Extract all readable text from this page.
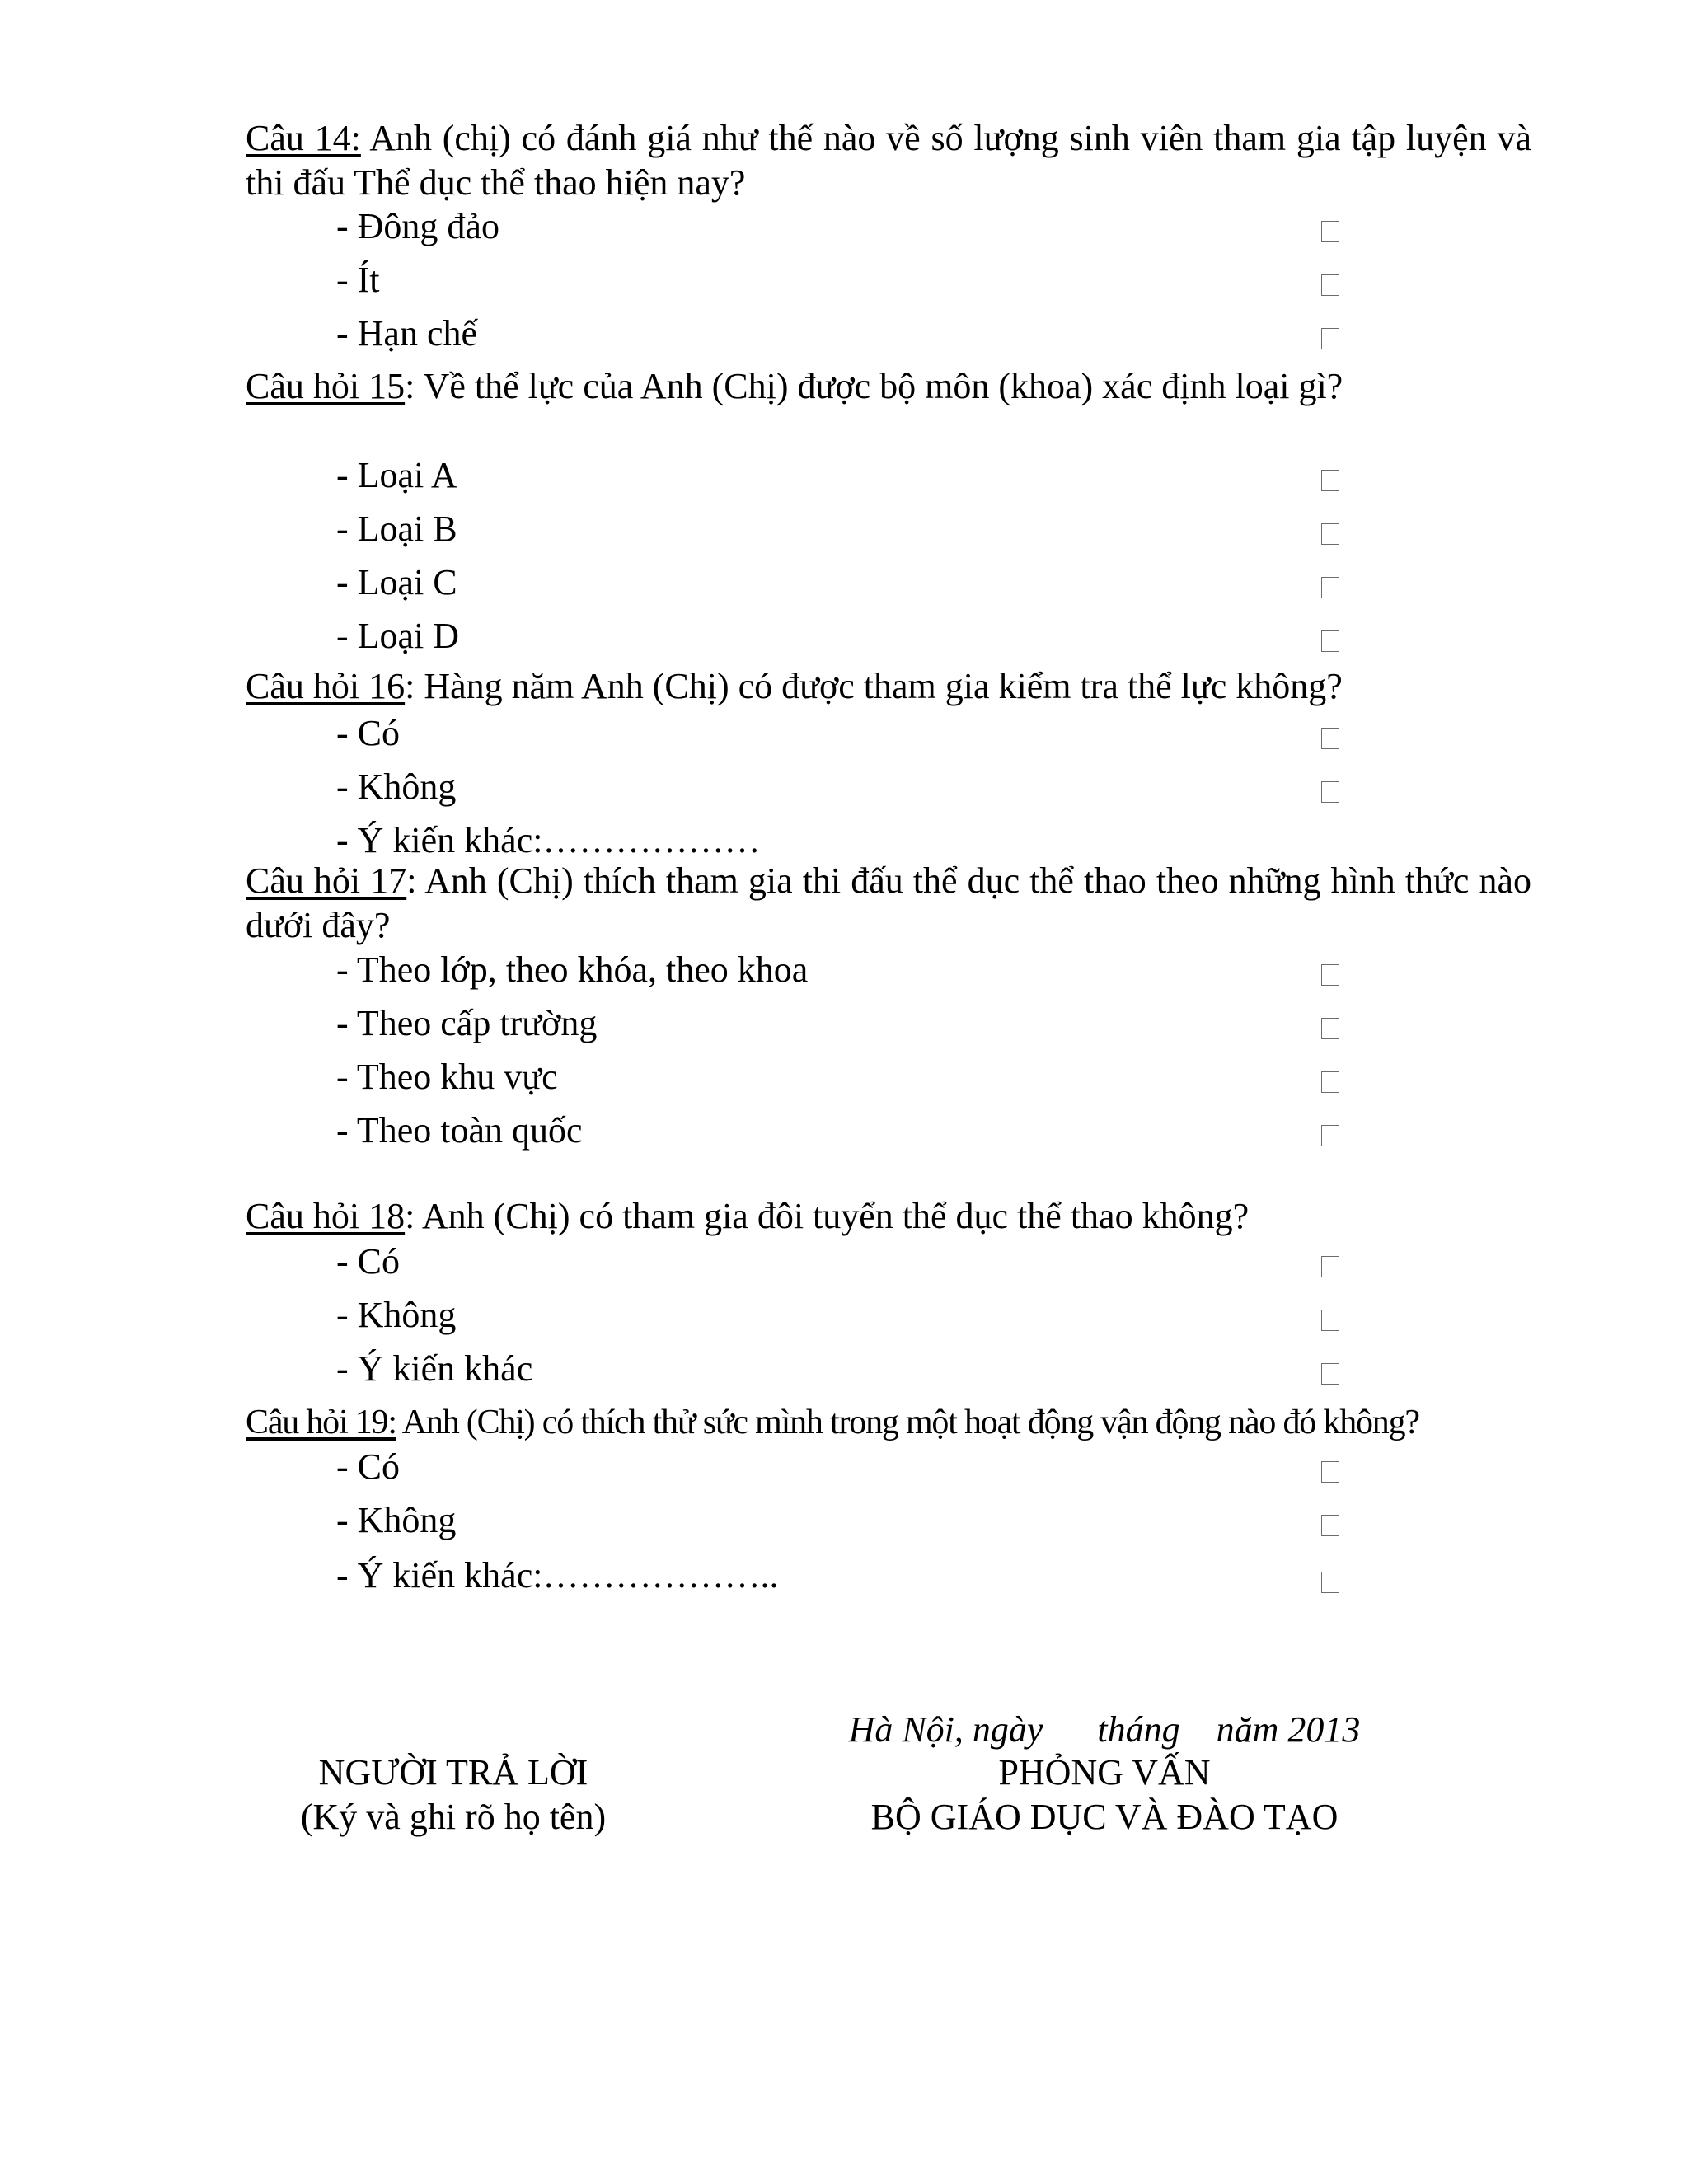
Câu 14: Anh (chị) có đánh giá như thế nào về số lượng sinh viên tham gia tập luyện và thi đấu Thể dục thể thao hiện nay?
- Đông đảo
- Ít
- Hạn chế
Câu hỏi 15: Về thể lực của Anh (Chị) được bộ môn (khoa) xác định loại gì?
- Loại A
- Loại B
- Loại C
- Loại D
Câu hỏi 16: Hàng năm Anh (Chị) có được tham gia kiểm tra thể lực không?
- Có
- Không
- Ý kiến khác:………………
Câu hỏi 17: Anh (Chị) thích tham gia thi đấu thể dục thể thao theo những hình thức nào dưới đây?
- Theo lớp, theo khóa, theo khoa
- Theo cấp trường
- Theo khu vực
- Theo toàn quốc
Câu hỏi 18: Anh (Chị) có tham gia đôi tuyển thể dục thể thao không?
- Có
- Không
- Ý kiến khác
Câu hỏi 19: Anh (Chị) có thích thử sức mình trong một hoạt động vận động nào đó không?
- Có
- Không
- Ý kiến khác:………………..
Hà Nội, ngày      tháng    năm 2013
NGƯỜI TRẢ LỜI
(Ký và ghi rõ họ tên)
PHỎNG VẤN
BỘ GIÁO DỤC VÀ ĐÀO TẠO
